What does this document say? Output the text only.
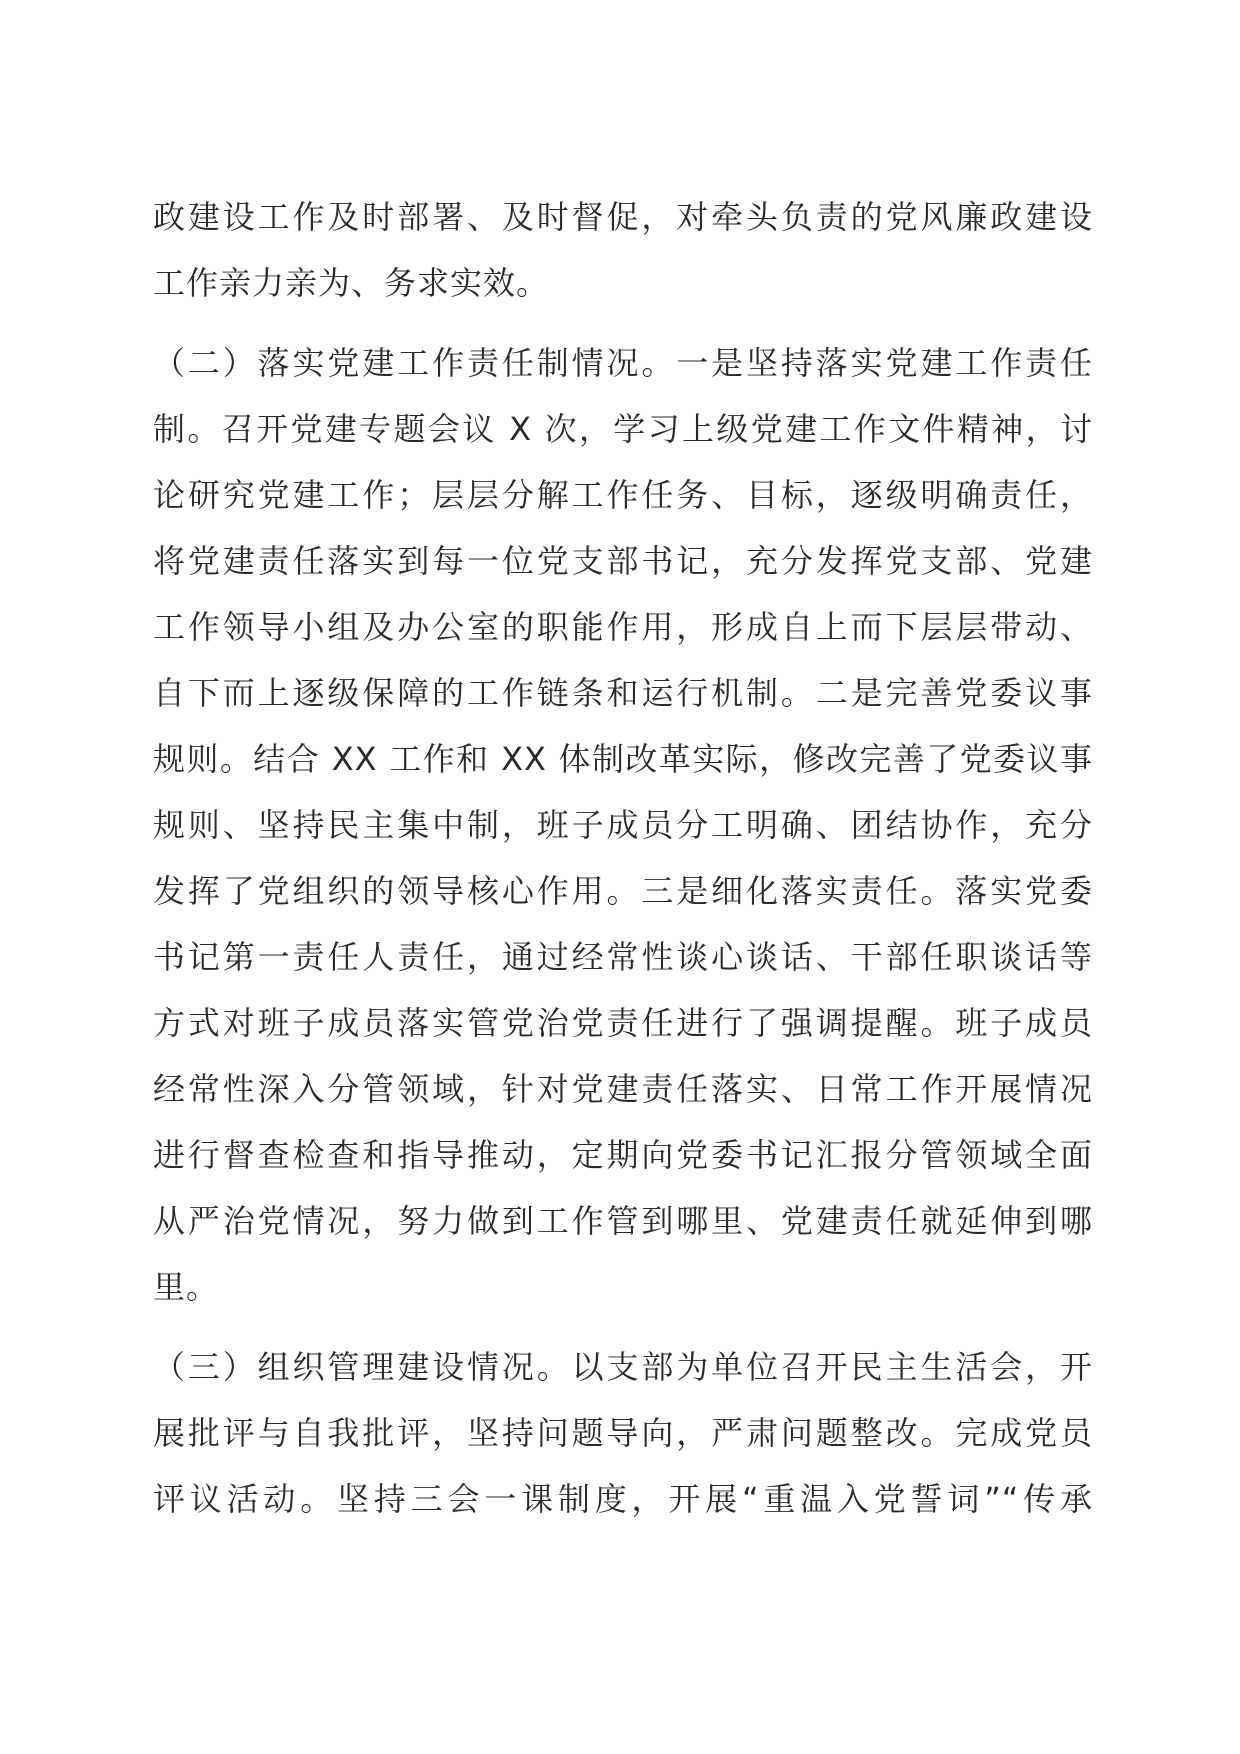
政建设工作及时部署、及时督促，对牵头负责的党风廉政建设
工作亲力亲为、务求实效。
（二）落实党建工作责任制情况。一是坚持落实党建工作责任
制。召开党建专题会议 X 次，学习上级党建工作文件精神，讨
论研究党建工作；层层分解工作任务、目标，逐级明确责任，
将党建责任落实到每一位党支部书记，充分发挥党支部、党建
工作领导小组及办公室的职能作用，形成自上而下层层带动、
自下而上逐级保障的工作链条和运行机制。二是完善党委议事
规则。结合 XX 工作和 XX 体制改革实际，修改完善了党委议事
规则、坚持民主集中制，班子成员分工明确、团结协作，充分
发挥了党组织的领导核心作用。三是细化落实责任。落实党委
书记第一责任人责任，通过经常性谈心谈话、干部任职谈话等
方式对班子成员落实管党治党责任进行了强调提醒。班子成员
经常性深入分管领域，针对党建责任落实、日常工作开展情况
进行督查检查和指导推动，定期向党委书记汇报分管领域全面
从严治党情况，努力做到工作管到哪里、党建责任就延伸到哪
里。
（三）组织管理建设情况。以支部为单位召开民主生活会，开
展批评与自我批评，坚持问题导向，严肃问题整改。完成党员
评议活动。坚持三会一课制度，开展“重温入党誓词”“传承
